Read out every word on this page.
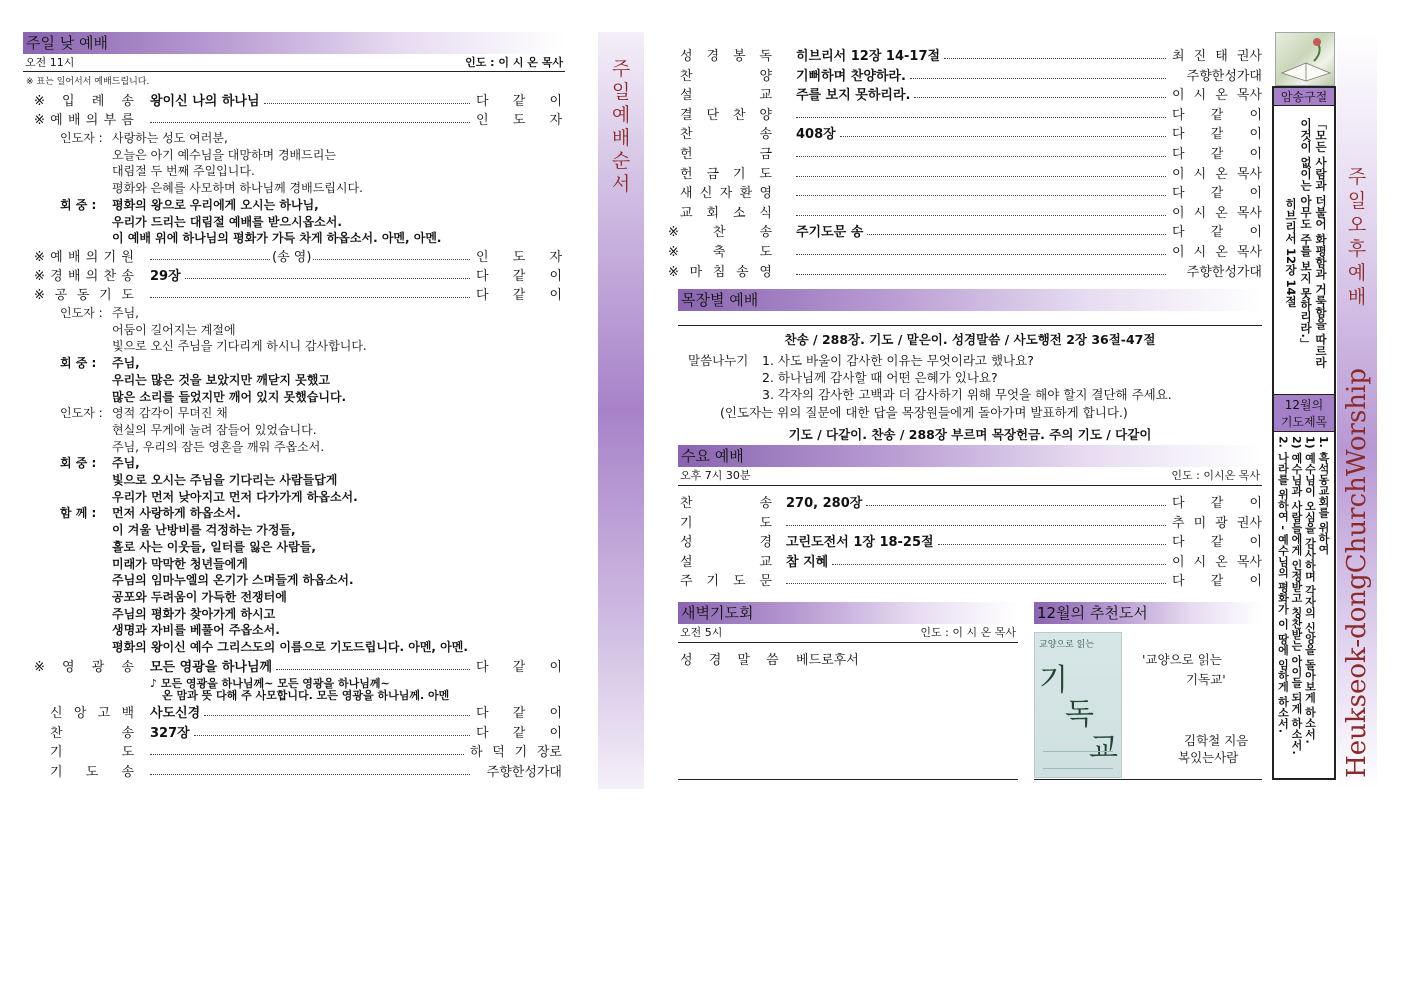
주일 낮 예배
오전 11시	인도 : 이 시 온 목사
※ 표는 일어서서 예배드립니다.
※ 입 례 송 왕이신 나의 하나님	다 같 이
※ 예 배 의 부 름	인 도 자
인도자 : 사랑하는 성도 여러분,
오늘은 아기 예수님을 대망하며 경배드리는
대림절 두 번째 주일입니다.
평화와 은혜를 사모하며 하나님께 경배드립시다.
회 중 : 평화의 왕으로 우리에게 오시는 하나님,
우리가 드리는 대림절 예배를 받으시옵소서.
이 예배 위에 하나님의 평화가 가득 차게 하옵소서. 아멘, 아멘.
※ 예 배 의 기 원	(송 영)	인 도 자
※ 경 배 의 찬 송 29장	다 같 이
※ 공 동 기 도	다 같 이
인도자 : 주님,
어둠이 길어지는 계절에
빛으로 오신 주님을 기다리게 하시니 감사합니다.
회 중 : 주님,
우리는 많은 것을 보았지만 깨닫지 못했고
많은 소리를 들었지만 깨어 있지 못했습니다.
인도자 : 영적 감각이 무뎌진 채
현실의 무게에 눌려 잠들어 있었습니다.
주님, 우리의 잠든 영혼을 깨워 주옵소서.
회 중 : 주님,
빛으로 오시는 주님을 기다리는 사람들답게
우리가 먼저 낮아지고 먼저 다가가게 하옵소서.
함 께 : 먼저 사랑하게 하옵소서.
이 겨울 난방비를 걱정하는 가정들,
홀로 사는 이웃들, 일터를 잃은 사람들,
미래가 막막한 청년들에게
주님의 임마누엘의 온기가 스며들게 하옵소서.
공포와 두려움이 가득한 전쟁터에
주님의 평화가 찾아가게 하시고
생명과 자비를 베풀어 주옵소서.
평화의 왕이신 예수 그리스도의 이름으로 기도드립니다. 아멘, 아멘.
※ 영 광 송 모든 영광을 하나님께	다 같 이
♪ 모든 영광을 하나님께~ 모든 영광을 하나님께~
온 맘과 뜻 다해 주 사모합니다. 모든 영광을 하나님께. 아멘
신 앙 고 백 사도신경	다 같 이
찬	송 327장	다 같 이
기	도	하 덕 기 장로
기 도 송	주향한성가대
주
일
예
배
순
서
성 경 봉 독 히브리서 12장 14-17절	최 진 태 권사
찬	양 기뻐하며 찬양하라.	주향한성가대
설	교 주를 보지 못하리라.	이 시 온 목사
결 단 찬 양	다 같 이
찬	송 408장	다 같 이
헌	금	다 같 이
헌 금 기 도	이 시 온 목사
새 신 자 환 영	다 같 이
교 회 소 식	이 시 온 목사
※	찬	송 주기도문 송	다 같 이
※	축	도	이 시 온 목사
※ 마 침 송 영	주향한성가대
목장별 예배
찬송 / 288장. 기도 / 맡은이. 성경말씀 / 사도행전 2장 36절-47절
말씀나누기 1. 사도 바울이 감사한 이유는 무엇이라고 했나요?
2. 하나님께 감사할 때 어떤 은혜가 있나요?
3. 각자의 감사한 고백과 더 감사하기 위해 무엇을 해야 할지 결단해 주세요.
(인도자는 위의 질문에 대한 답을 목장원들에게 돌아가며 발표하게 합니다.)
기도 / 다같이. 찬송 / 288장 부르며 목장헌금. 주의 기도 / 다같이
수요 예배
오후 7시 30분	인도 : 이시온 목사
찬	송 270, 280장	다 같 이
기	도	추 미 광 권사
성	경 고린도전서 1장 18-25절	다 같 이
설	교 참 지혜	이 시 온 목사
주 기 도 문	다 같 이
새벽기도회
오전 5시	인도 : 이 시 온 목사
성 경 말 씀 베드로후서
12월의 추천도서
교양으로 읽는
기
독
교
'교양으로 읽는
기독교'
김학철 지음
복있는사람
암송구절
「모든 사람과 더불어 화평함과 거룩함을 따르라
이것이 없이는 아무도 주를 보지 못하리라.」
히브리서 12장 14절
12월의
기도제목
1. 흑석동교회를 위하여
1) 예수님이 오심을 감사하며 각자의 신앙을 돌아보게 하소서.
2) 예수님과 사람들에게 인정받고 칭찬받는 아이들 되게 하소서.
2. 나라를 위하여 - 예수님의 평화가 이 땅에 임하게 하소서.
주
일
오
후
예
배
Heukseok-dongChurchWorship
